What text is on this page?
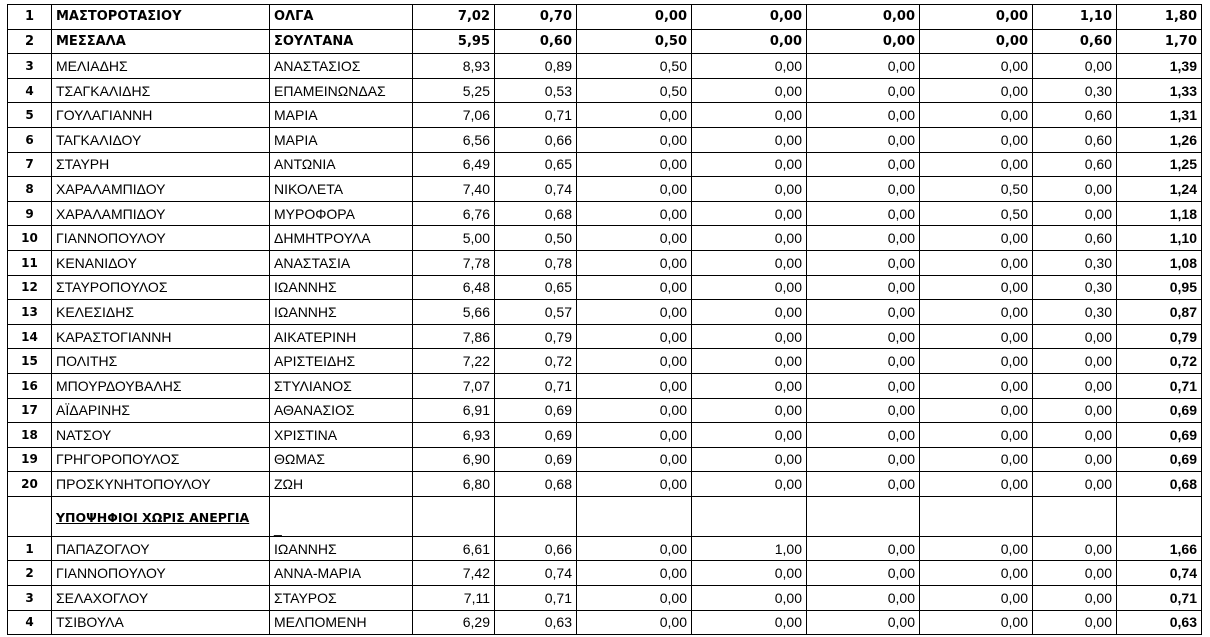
1	ΜΑΣΤΟΡΟΤΑΣΙΟΥ	ΟΛΓΑ	7,02	0,70	0,00	0,00	0,00	0,00	1,10	1,80
2	ΜΕΣΣΑΛΑ	ΣΟΥΛΤΑΝΑ	5,95	0,60	0,50	0,00	0,00	0,00	0,60	1,70
3	ΜΕΛΙΑΔΗΣ	ΑΝΑΣΤΑΣΙΟΣ	8,93	0,89	0,50	0,00	0,00	0,00	0,00	1,39
4	ΤΣΑΓΚΑΛΙΔΗΣ	ΕΠΑΜΕΙΝΩΝΔΑΣ	5,25	0,53	0,50	0,00	0,00	0,00	0,30	1,33
5	ΓΟΥΛΑΓΙΑΝΝΗ	ΜΑΡΙΑ	7,06	0,71	0,00	0,00	0,00	0,00	0,60	1,31
6	ΤΑΓΚΑΛΙΔΟΥ	ΜΑΡΙΑ	6,56	0,66	0,00	0,00	0,00	0,00	0,60	1,26
7	ΣΤΑΥΡΗ	ΑΝΤΩΝΙΑ	6,49	0,65	0,00	0,00	0,00	0,00	0,60	1,25
8	ΧΑΡΑΛΑΜΠΙΔΟΥ	ΝΙΚΟΛΕΤΑ	7,40	0,74	0,00	0,00	0,00	0,50	0,00	1,24
9	ΧΑΡΑΛΑΜΠΙΔΟΥ	ΜΥΡΟΦΟΡΑ	6,76	0,68	0,00	0,00	0,00	0,50	0,00	1,18
10	ΓΙΑΝΝΟΠΟΥΛΟΥ	ΔΗΜΗΤΡΟΥΛΑ	5,00	0,50	0,00	0,00	0,00	0,00	0,60	1,10
11	ΚΕΝΑΝΙΔΟΥ	ΑΝΑΣΤΑΣΙΑ	7,78	0,78	0,00	0,00	0,00	0,00	0,30	1,08
12	ΣΤΑΥΡΟΠΟΥΛΟΣ	ΙΩΑΝΝΗΣ	6,48	0,65	0,00	0,00	0,00	0,00	0,30	0,95
13	ΚΕΛΕΣΙΔΗΣ	ΙΩΑΝΝΗΣ	5,66	0,57	0,00	0,00	0,00	0,00	0,30	0,87
14	ΚΑΡΑΣΤΟΓΙΑΝΝΗ	ΑΙΚΑΤΕΡΙΝΗ	7,86	0,79	0,00	0,00	0,00	0,00	0,00	0,79
15	ΠΟΛΙΤΗΣ	ΑΡΙΣΤΕΙΔΗΣ	7,22	0,72	0,00	0,00	0,00	0,00	0,00	0,72
16	ΜΠΟΥΡΔΟΥΒΑΛΗΣ	ΣΤΥΛΙΑΝΟΣ	7,07	0,71	0,00	0,00	0,00	0,00	0,00	0,71
17	ΑΪΔΑΡΙΝΗΣ	ΑΘΑΝΑΣΙΟΣ	6,91	0,69	0,00	0,00	0,00	0,00	0,00	0,69
18	ΝΑΤΣΟΥ	ΧΡΙΣΤΙΝΑ	6,93	0,69	0,00	0,00	0,00	0,00	0,00	0,69
19	ΓΡΗΓΟΡΟΠΟΥΛΟΣ	ΘΩΜΑΣ	6,90	0,69	0,00	0,00	0,00	0,00	0,00	0,69
20	ΠΡΟΣΚΥΝΗΤΟΠΟΥΛΟΥ	ΖΩΗ	6,80	0,68	0,00	0,00	0,00	0,00	0,00	0,68
	ΥΠΟΨΗΦΙΟΙ ΧΩΡΙΣ ΑΝΕΡΓΙΑ	_								
1	ΠΑΠΑΖΟΓΛΟΥ	ΙΩΑΝΝΗΣ	6,61	0,66	0,00	1,00	0,00	0,00	0,00	1,66
2	ΓΙΑΝΝΟΠΟΥΛΟΥ	ΑΝΝΑ-ΜΑΡΙΑ	7,42	0,74	0,00	0,00	0,00	0,00	0,00	0,74
3	ΣΕΛΑΧΟΓΛΟΥ	ΣΤΑΥΡΟΣ	7,11	0,71	0,00	0,00	0,00	0,00	0,00	0,71
4	ΤΣΙΒΟΥΛΑ	ΜΕΛΠΟΜΕΝΗ	6,29	0,63	0,00	0,00	0,00	0,00	0,00	0,63
